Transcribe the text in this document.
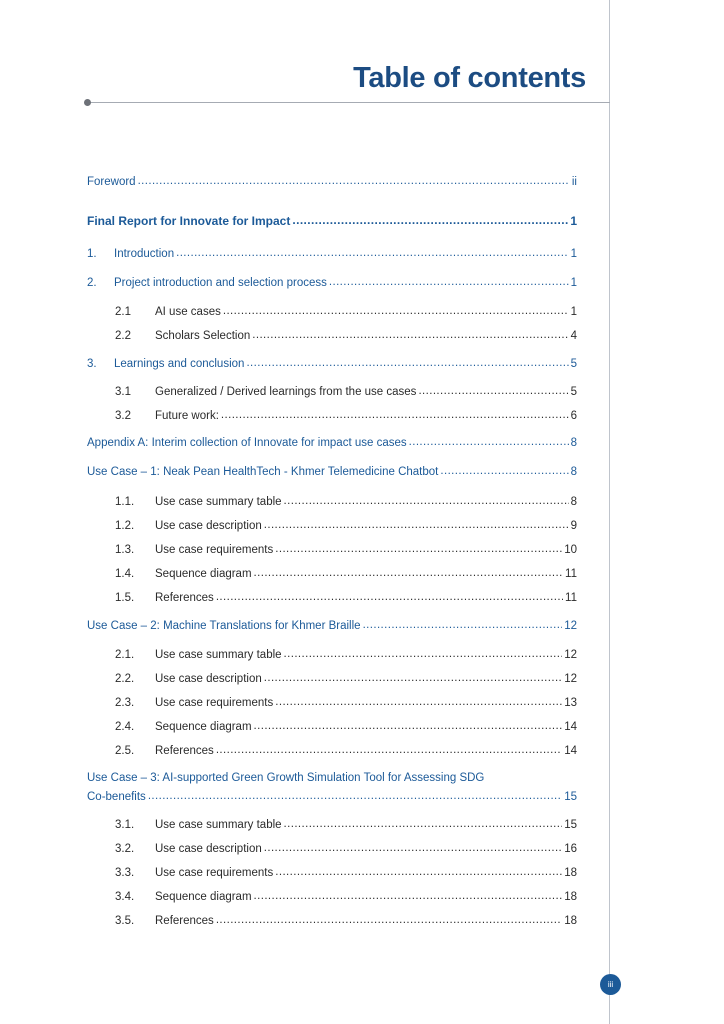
Table of contents
Foreword .....	ii
Final Report for Innovate for Impact .....	1
1.	Introduction .....	1
2.	Project introduction and selection process .....	1
2.1	AI use cases .....	1
2.2	Scholars Selection .....	4
3.	Learnings and conclusion .....	5
3.1	Generalized / Derived learnings from the use cases .....	5
3.2	Future work: .....	6
Appendix A: Interim collection of Innovate for impact use cases .....	8
Use Case – 1: Neak Pean HealthTech - Khmer Telemedicine Chatbot .....	8
1.1.	Use case summary table .....	8
1.2.	Use case description .....	9
1.3.	Use case requirements .....	10
1.4.	Sequence diagram .....	11
1.5.	References .....	11
Use Case – 2: Machine Translations for Khmer Braille .....	12
2.1.	Use case summary table .....	12
2.2.	Use case description .....	12
2.3.	Use case requirements .....	13
2.4.	Sequence diagram .....	14
2.5.	References .....	14
Use Case – 3: AI-supported Green Growth Simulation Tool for Assessing SDG
Co-benefits .....	15
3.1.	Use case summary table .....	15
3.2.	Use case description .....	16
3.3.	Use case requirements .....	18
3.4.	Sequence diagram .....	18
3.5.	References .....	18
iii
